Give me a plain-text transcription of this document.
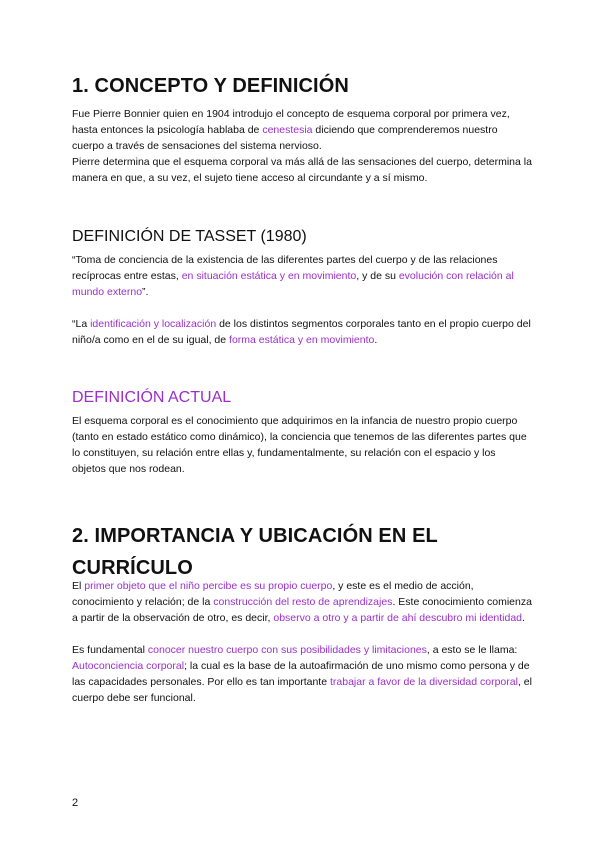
1. CONCEPTO Y DEFINICIÓN

Fue Pierre Bonnier quien en 1904 introdujo el concepto de esquema corporal por primera vez, hasta entonces la psicología hablaba de cenestesia diciendo que comprenderemos nuestro cuerpo a través de sensaciones del sistema nervioso.

Pierre determina que el esquema corporal va más allá de las sensaciones del cuerpo, determina la manera en que, a su vez, el sujeto tiene acceso al circundante y a sí mismo.

DEFINICIÓN DE TASSET (1980)

“Toma de conciencia de la existencia de las diferentes partes del cuerpo y de las relaciones recíprocas entre estas, en situación estática y en movimiento, y de su evolución con relación al mundo externo”.

“La identificación y localización de los distintos segmentos corporales tanto en el propio cuerpo del niño/a como en el de su igual, de forma estática y en movimiento.

DEFINICIÓN ACTUAL

El esquema corporal es el conocimiento que adquirimos en la infancia de nuestro propio cuerpo (tanto en estado estático como dinámico), la conciencia que tenemos de las diferentes partes que lo constituyen, su relación entre ellas y, fundamentalmente, su relación con el espacio y los objetos que nos rodean.

2. IMPORTANCIA Y UBICACIÓN EN EL
CURRÍCULO

El primer objeto que el niño percibe es su propio cuerpo, y este es el medio de acción, conocimiento y relación; de la construcción del resto de aprendizajes. Este conocimiento comienza a partir de la observación de otro, es decir, observo a otro y a partir de ahí descubro mi identidad.

Es fundamental conocer nuestro cuerpo con sus posibilidades y limitaciones, a esto se le llama: Autoconciencia corporal; la cual es la base de la autoafirmación de uno mismo como persona y de las capacidades personales. Por ello es tan importante trabajar a favor de la diversidad corporal, el cuerpo debe ser funcional.

2
